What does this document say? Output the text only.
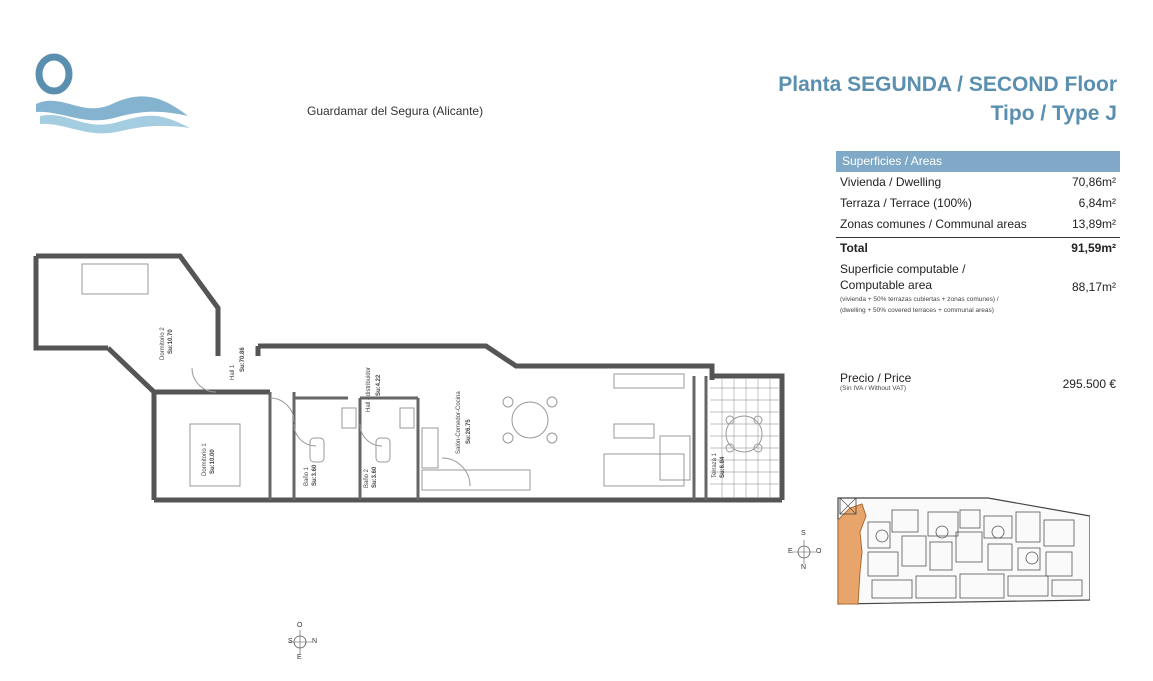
Guardamar del Segura (Alicante)
Planta SEGUNDA / SECOND Floor
Tipo / Type J
Superficies / Areas
Vivienda / Dwelling	70,86m²
Terraza / Terrace (100%)	6,84m²
Zonas comunes / Communal areas	13,89m²
Total	91,59m²
Superficie computable /
Computable area
(vivienda + 50% terrazas cubiertas + zonas comunes) /
(dwelling + 50% covered terraces + communal areas)
88,17m²
Precio / Price
(Sin IVA / Without VAT)	295.500 €
Dormitorio 2 Su:10.70
Hall 1
Su:70.86
Dormitorio 1 Su:10.00
Baño 1 Su:3.60	Baño 2 Su:3.60
Hall - distribuidor Su:4.22
Salón-Comedor-Cocina Su:26.75
Terraza 1 Su:6.84
O
S	N
E
S
E	O
N
